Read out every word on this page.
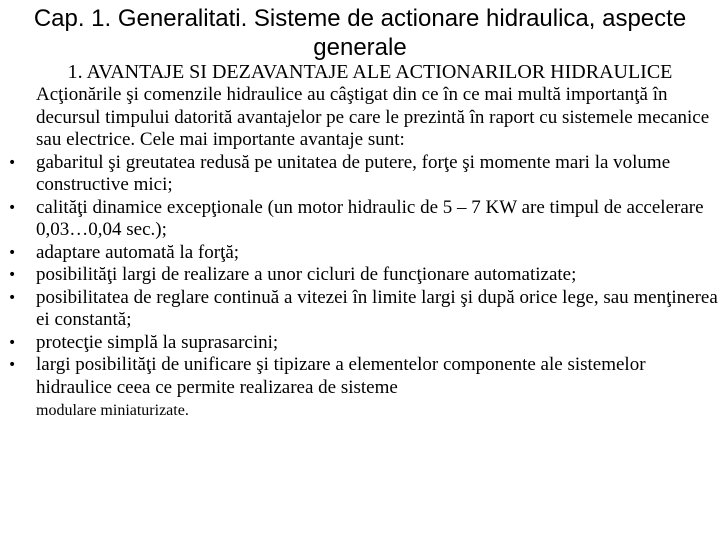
Cap. 1. Generalitati. Sisteme de actionare hidraulica, aspecte generale
1. AVANTAJE SI DEZAVANTAJE ALE ACTIONARILOR HIDRAULICE

Acţionările şi comenzile hidraulice au câştigat din ce în ce mai multă importanţă în decursul timpului datorită avantajelor pe care le prezintă în raport cu sistemele mecanice sau electrice. Cele mai importante avantaje sunt:

• gabaritul şi greutatea redusă pe unitatea de putere, forţe şi momente mari la volume constructive mici;
• calităţi dinamice excepţionale (un motor hidraulic de 5 – 7 KW are timpul de accelerare 0,03…0,04 sec.);
• adaptare automată la forţă;
• posibilităţi largi de realizare a unor cicluri de funcţionare automatizate;
• posibilitatea de reglare continuă a vitezei în limite largi şi după orice lege, sau menţinerea ei constantă;
• protecţie simplă la suprasarcini;
• largi posibilităţi de unificare şi tipizare a elementelor componente ale sistemelor hidraulice ceea ce permite realizarea de sisteme
modulare miniaturizate.
